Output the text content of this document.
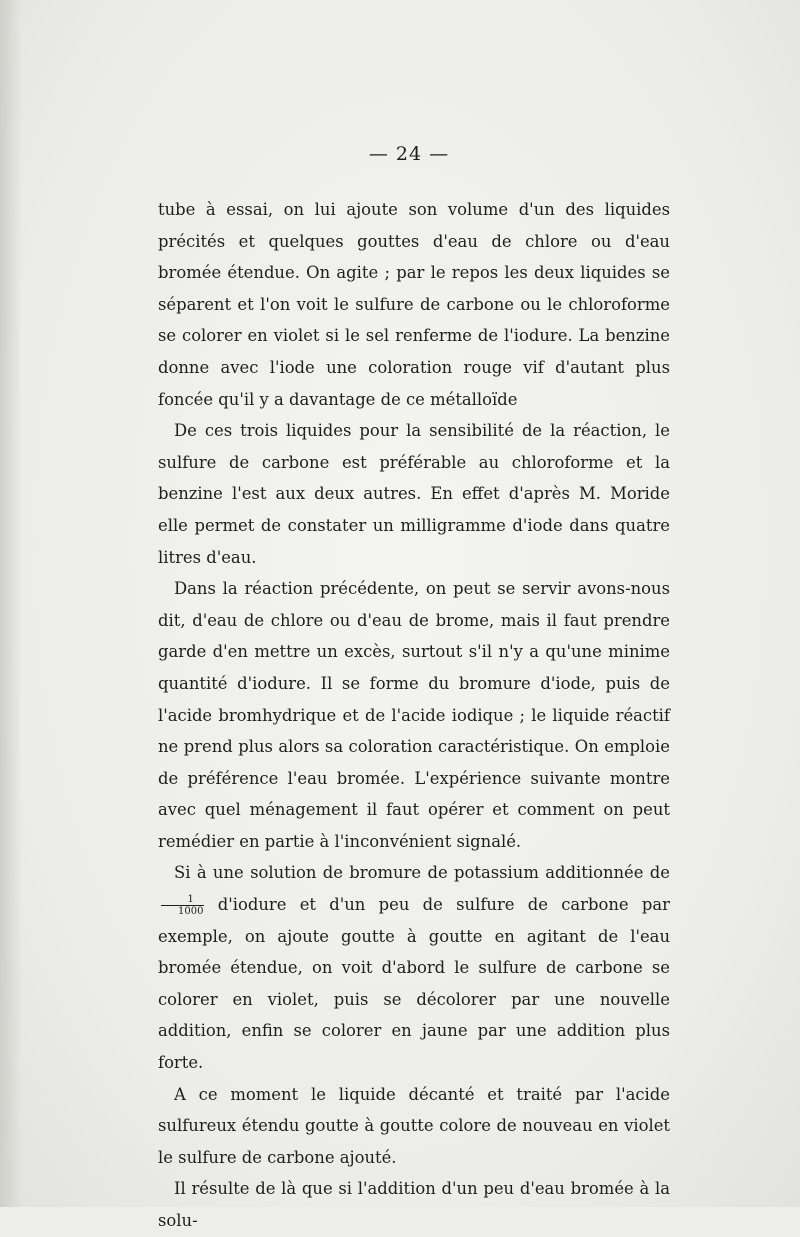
— 24 —

tube à essai, on lui ajoute son volume d'un des liquides précités et quelques gouttes d'eau de chlore ou d'eau bromée étendue. On agite ; par le repos les deux liquides se séparent et l'on voit le sulfure de carbone ou le chloroforme se colorer en violet si le sel renferme de l'iodure. La benzine donne avec l'iode une coloration rouge vif d'autant plus foncée qu'il y a davantage de ce métalloïde

De ces trois liquides pour la sensibilité de la réaction, le sulfure de carbone est préférable au chloroforme et la benzine l'est aux deux autres. En effet d'après M. Moride elle permet de constater un milligramme d'iode dans quatre litres d'eau.

Dans la réaction précédente, on peut se servir avons-nous dit, d'eau de chlore ou d'eau de brome, mais il faut prendre garde d'en mettre un excès, surtout s'il n'y a qu'une minime quantité d'iodure. Il se forme du bromure d'iode, puis de l'acide bromhydrique et de l'acide iodique ; le liquide réactif ne prend plus alors sa coloration caractéristique. On emploie de préférence l'eau bromée. L'expérience suivante montre avec quel ménagement il faut opérer et comment on peut remédier en partie à l'inconvénient signalé.

Si à une solution de bromure de potassium additionnée de
$\frac{1}{1000}$ d'iodure et d'un peu de sulfure de carbone par exemple, on ajoute goutte à goutte en agitant de l'eau bromée étendue, on voit d'abord le sulfure de carbone se colorer en violet, puis se décolorer par une nouvelle addition, enfin se colorer en jaune par une addition plus forte.

A ce moment le liquide décanté et traité par l'acide sulfureux étendu goutte à goutte colore de nouveau en violet le sulfure de carbone ajouté.

Il résulte de là que si l'addition d'un peu d'eau bromée à la solu-
